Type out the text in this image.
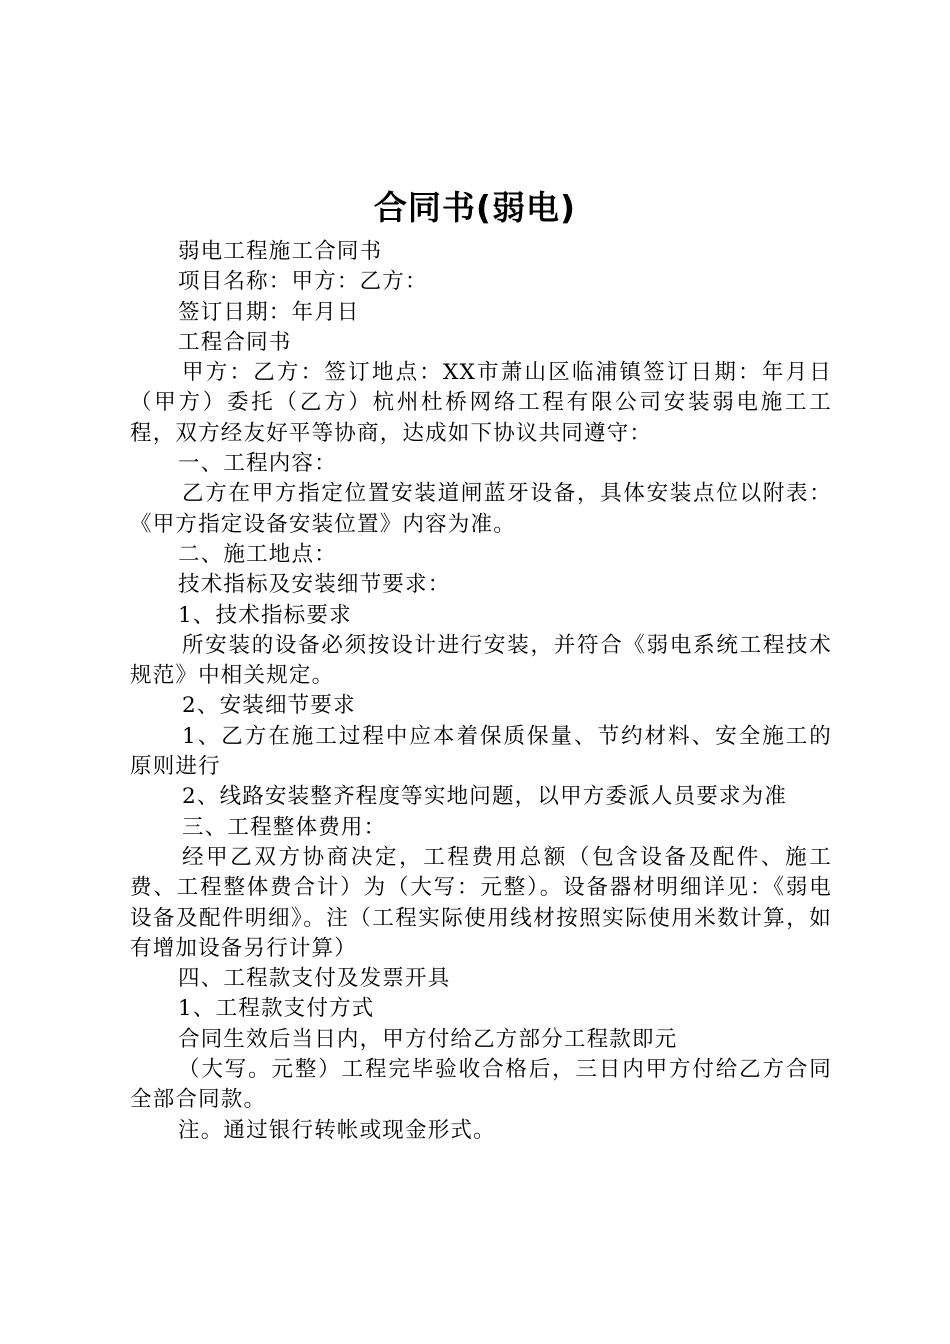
合同书(弱电)

弱电工程施工合同书

项目名称：甲方：乙方：

签订日期：年月日

工程合同书

甲方：乙方：签订地点：XX市萧山区临浦镇签订日期：年月日（甲方）委托（乙方）杭州杜桥网络工程有限公司安装弱电施工工程，双方经友好平等协商，达成如下协议共同遵守：

一、工程内容：

乙方在甲方指定位置安装道闸蓝牙设备，具体安装点位以附表：《甲方指定设备安装位置》内容为准。

二、施工地点：

技术指标及安装细节要求：

1、技术指标要求

所安装的设备必须按设计进行安装，并符合《弱电系统工程技术规范》中相关规定。

2、安装细节要求

1、乙方在施工过程中应本着保质保量、节约材料、安全施工的原则进行

2、线路安装整齐程度等实地问题，以甲方委派人员要求为准

三、工程整体费用：

经甲乙双方协商决定，工程费用总额（包含设备及配件、施工费、工程整体费合计）为（大写：元整）。设备器材明细详见：《弱电设备及配件明细》。注（工程实际使用线材按照实际使用米数计算，如有增加设备另行计算）

四、工程款支付及发票开具

1、工程款支付方式

合同生效后当日内，甲方付给乙方部分工程款即元

（大写。元整）工程完毕验收合格后，三日内甲方付给乙方合同全部合同款。

注。通过银行转帐或现金形式。
